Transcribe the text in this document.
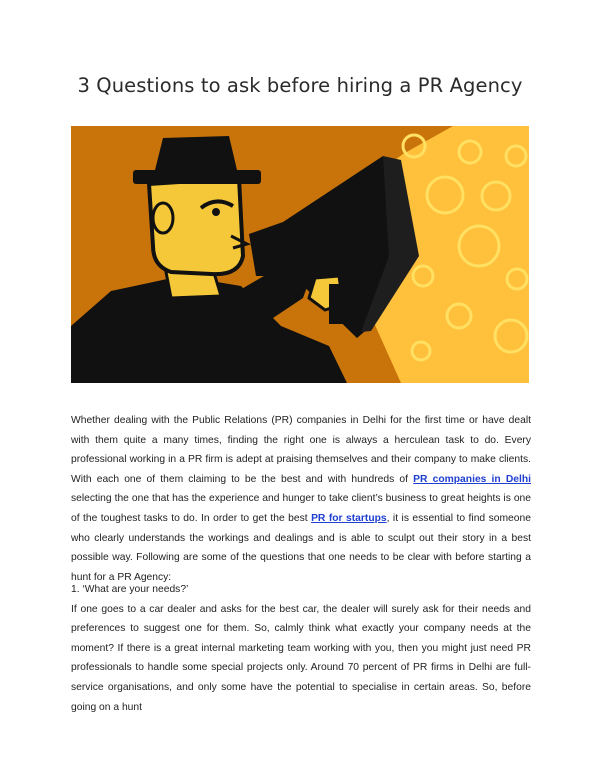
3 Questions to ask before hiring a PR Agency

Whether dealing with the Public Relations (PR) companies in Delhi for the first time or have dealt with them quite a many times, finding the right one is always a herculean task to do. Every professional working in a PR firm is adept at praising themselves and their company to make clients. With each one of them claiming to be the best and with hundreds of PR companies in Delhi selecting the one that has the experience and hunger to take client’s business to great heights is one of the toughest tasks to do. In order to get the best PR for startups, it is essential to find someone who clearly understands the workings and dealings and is able to sculpt out their story in a best possible way. Following are some of the questions that one needs to be clear with before starting a hunt for a PR Agency:

1. ‘What are your needs?’
If one goes to a car dealer and asks for the best car, the dealer will surely ask for their needs and preferences to suggest one for them. So, calmly think what exactly your company needs at the moment? If there is a great internal marketing team working with you, then you might just need PR professionals to handle some special projects only. Around 70 percent of PR firms in Delhi are full-service organisations, and only some have the potential to specialise in certain areas. So, before going on a hunt
